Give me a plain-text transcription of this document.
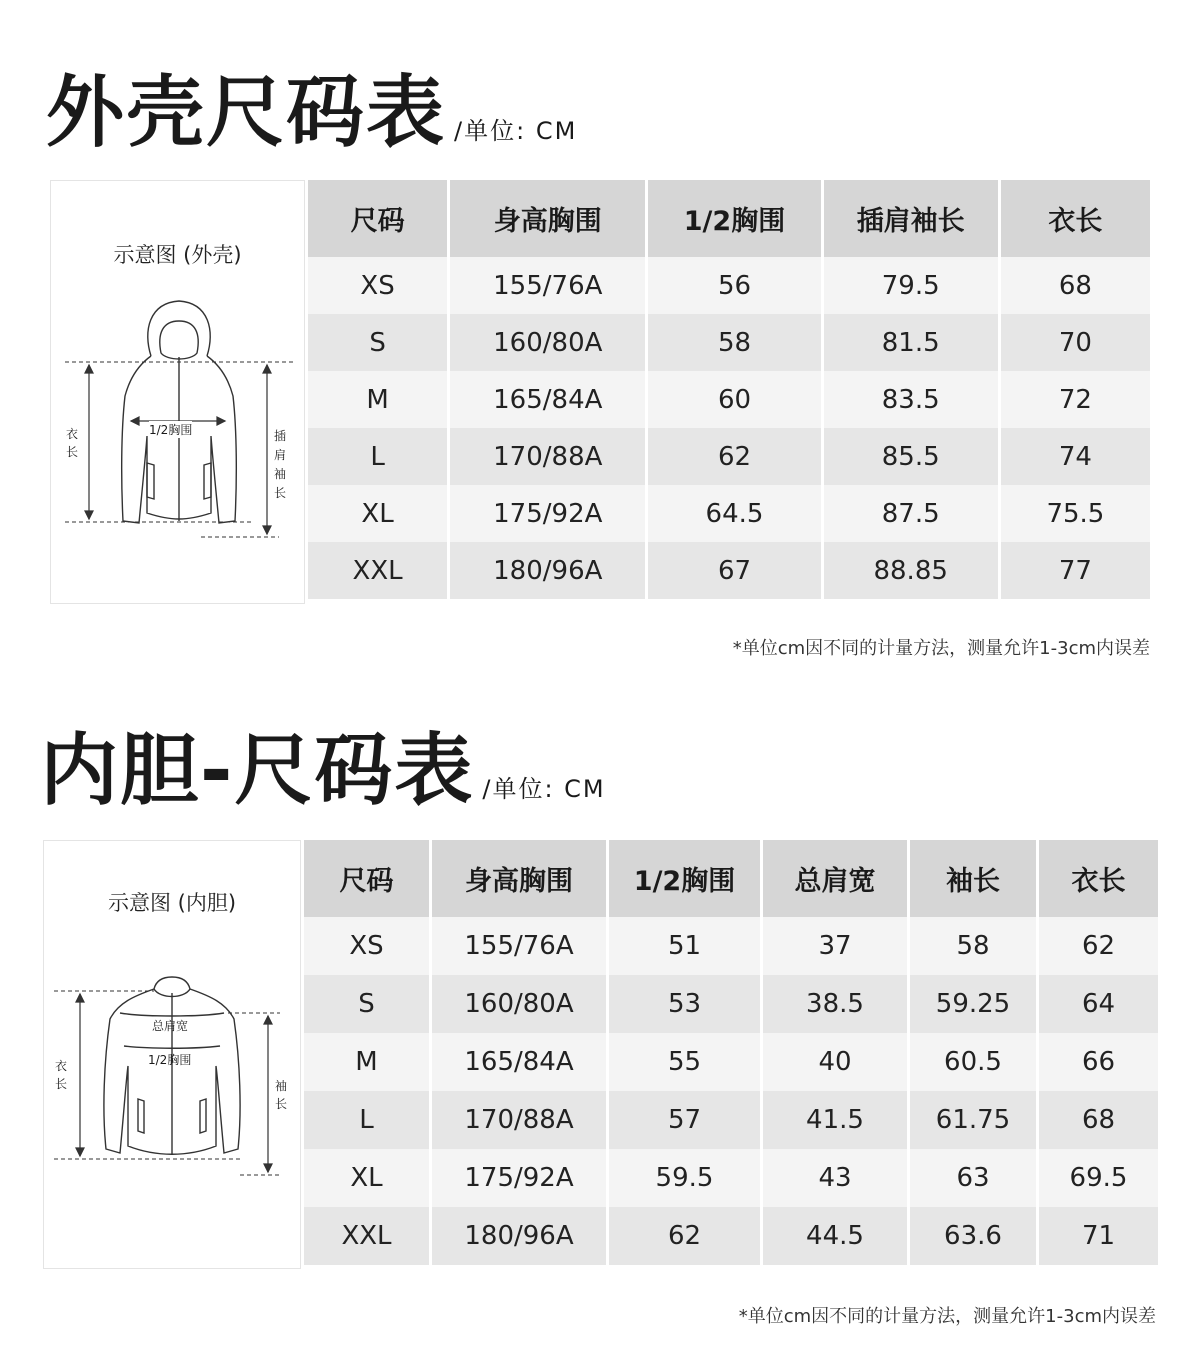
外壳尺码表 /单位: CM
示意图 (外壳)
衣
长
1/2胸围	插
肩
袖
长
尺码	身高胸围	1/2胸围	插肩袖长	衣长
XS	155/76A	56	79.5	68
S	160/80A	58	81.5	70
M	165/84A	60	83.5	72
L	170/88A	62	85.5	74
XL	175/92A	64.5	87.5	75.5
XXL	180/96A	67	88.85	77
*单位cm因不同的计量方法，测量允许1-3cm内误差
内胆-尺码表 /单位: CM
示意图 (内胆)
衣
长
总肩宽
1/2胸围
袖
长
尺码	身高胸围	1/2胸围	总肩宽	袖长	衣长
XS	155/76A	51	37	58	62
S	160/80A	53	38.5	59.25	64
M	165/84A	55	40	60.5	66
L	170/88A	57	41.5	61.75	68
XL	175/92A	59.5	43	63	69.5
XXL	180/96A	62	44.5	63.6	71
*单位cm因不同的计量方法，测量允许1-3cm内误差
